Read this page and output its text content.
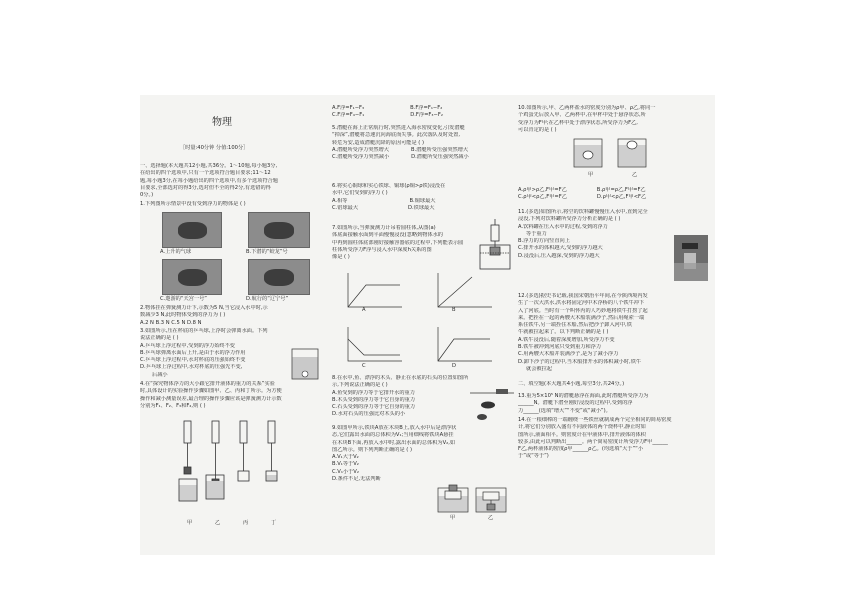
物理
［时量:40分钟 分值:100分］

一、选择题(本大题共12小题,共36分。1～10题,每小题3分,

在给出的四个选项中,只有一个选项符合题目要求;11～12

题,每小题3分,在每小题给出的四个选项中,有多个选项符合题

目要求,全部选对的得3分,选对但不全的得2分,有选错的得

0分。)

1.下列图所示情景中没有受到浮力的物体是 ( )

A.上升的气球	B.下潜的“蛟龙”号
C.遨游的“天宫一号”	D.航行的“辽宁号”

2.物体挂在弹簧测力计下,示数为5 N,当它浸入水中时,示

数减少3 N,此时物体受到的浮力为 ( )

A.2 N B.3 N C.5 N D.8 N

3.如图所示,压在杯底的乒乓球,上浮时会弹离水面。下列

说法正确的是 ( )

A.乒乓球上浮过程中,受到的浮力始终不变

B.乒乓球弹离水面后上升,是由于水的浮力作用

C.乒乓球上浮过程中,水对杯底的压强始终不变

D.乒乓球上浮过程中,水对杯底的压强先不变,

后减小

4.在“探究物体浮力的大小跟它排开液体的重力的关系”实验

时,具体设计的实验操作步骤如图甲、乙、丙和丁所示。为方便

操作和减小测量误差,最合理的操作步骤应该是弹簧测力计示数

分别为F₁、F₂、F₃和F₄,则 ( )

甲	乙	丙	丁

A.F浮=F₁−F₃	B.F浮=F₁−F₂

C.F浮=F₄−F₁	D.F浮=F₃−F₂

5.潜艇在海上正常航行时,突然进入海水密度变化,引发潜艇

“掉深”,潜艇将急速沉向海底而失事。此次落队及时处置,

转危为安,造成潜艇沉降的原因可能是 ( )

A.潜艇所受浮力突然增大	B.潜艇所受压强突然增大

C.潜艇所受浮力突然减小	D.潜艇所受压强突然减小

6.将实心铜球和实心铁球、铜球(ρ铜>ρ铁)浸没在

水中,它们受到的浮力 ( )

A.相等	B.铜球最大

C.铝球最大	D.铁球最大

7.如图所示,当弹簧测力计吊着圆柱体,从图(a)

体底面接触水面到平面慢慢浸没(忽略到物体水的

中再到圆柱体底部刚好接触容器底的过程中,下列能表示圆

柱体所受浮力F浮与浸入水中深度h关系的图

像是 ( )

A	B
C	D

8.在水中,鱼、漂浮的木头、静止在水底的石头的位置如图所

示,下列说法正确的是 ( )

A.鱼受到的浮力等于它排开水的重力

B.木头受到的浮力等于它自身的重力

C.石头受到的浮力等于它自身的重力

D.水对石头的压强比对木头的小

9.如图甲所示,铁块A放在木块B上,放入水中后是漂浮状

态,它们露出水面的总体积为V₁;当用细线将铁块A悬挂

在木块B下面,再放入水中时,露出水面的总体积为V₂,如

图乙所示。则下列判断正确的是 ( )

A.V₁大于V₂

B.V₁等于V₂

C.V₁小于V₂

D.条件不足,无法判断

甲	乙

10.如图所示,甲、乙两杯盐水的密度分别为ρ甲、ρ乙,将同一

个鸡蛋先后放入甲、乙两杯中,在甲杯中处于悬浮状态,所

受浮力为F甲;在乙杯中处于漂浮状态,所受浮力为F乙,

可以肯定的是 ( )

甲	乙

A.ρ甲>ρ乙,F甲=F乙	B.ρ甲=ρ乙,F甲=F乙

C.ρ甲<ρ乙,F甲=F乙	D.ρ甲<ρ乙,F甲<F乙

11.(多选)如图所示,将空的饮料罐慢慢压入水中,直到完全

浸没,下列对饮料罐所受浮力分析正确的是 ( )

A.饮料罐在压入水中的过程,受到的浮力

等于重力

B.浮力的方向竖直向上

C.排开水的体积越大,受到的浮力越大

D.浸没后,压入越深,受到的浮力越大

12.(多选)据史书记载,我国宋朝治平年间,在今陕西境内发

生了一次大洪水,洪水将固定河中木浮桥的八个铁牛冲下

入了河底。当时有一个叫怀丙的人巧妙地将铁牛打捞了起

来。把拴在一起的两艘大木船装满沙子,然后用绳索一端

系住铁牛,另一端拴住木船,然后把沙子卸入河中,铁

牛就被拉起来了。以下判断正确的是 ( )

A.铁牛浸没后,随着深度增加,所受浮力不变

B.铁牛被冲到河底只受到重力和浮力

C.用两艘大木船并装满沙子,是为了减小浮力

D.卸下沙子的过程中,当木船排开水的体积减小时,铁牛

就会被拉起

二、填空题(本大题共4小题,每空3分,共24分。)

13.重为5×10⁵ N的潜艇悬浮在海面,此时潜艇所受浮力为

______N。潜艇下潜至刚好浸没的过程中,受到的浮

力______(选填“增大”“不变”或“减小”)。

14.在一根细棒的一端缠绕一些铁丝就制成两个完全相同的简易密度

计,将它们分别放入盛有不同液体的两个烧杯中,静止时如

图所示,液面相平。则密度计在甲液体中,排开液体的体积

较多,由此可以判断出______。两个简易密度计所受浮力F甲______

F乙,两杯液体的密度ρ甲______ρ乙。(均选填“大于”“小

于”或“等于”)
